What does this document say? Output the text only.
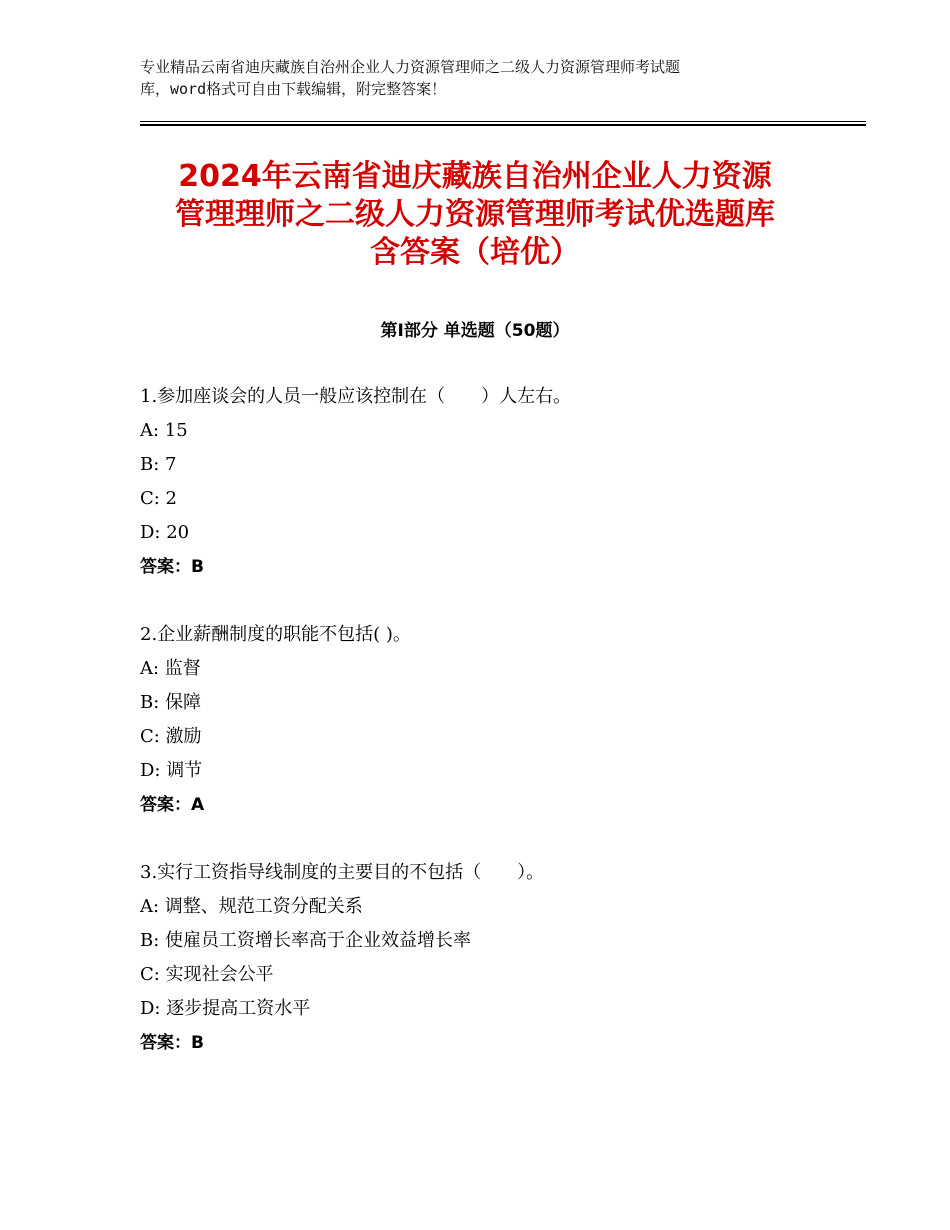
专业精品云南省迪庆藏族自治州企业人力资源管理师之二级人力资源管理师考试题
库，word格式可自由下载编辑，附完整答案！
2024年云南省迪庆藏族自治州企业人力资源
管理理师之二级人力资源管理师考试优选题库
含答案（培优）
第Ⅰ部分 单选题（50题）
1.参加座谈会的人员一般应该控制在（　　）人左右。
A: 15
B: 7
C: 2
D: 20
答案：B
2.企业薪酬制度的职能不包括( )。
A: 监督
B: 保障
C: 激励
D: 调节
答案：A
3.实行工资指导线制度的主要目的不包括（　　）。
A: 调整、规范工资分配关系
B: 使雇员工资增长率高于企业效益增长率
C: 实现社会公平
D: 逐步提高工资水平
答案：B
